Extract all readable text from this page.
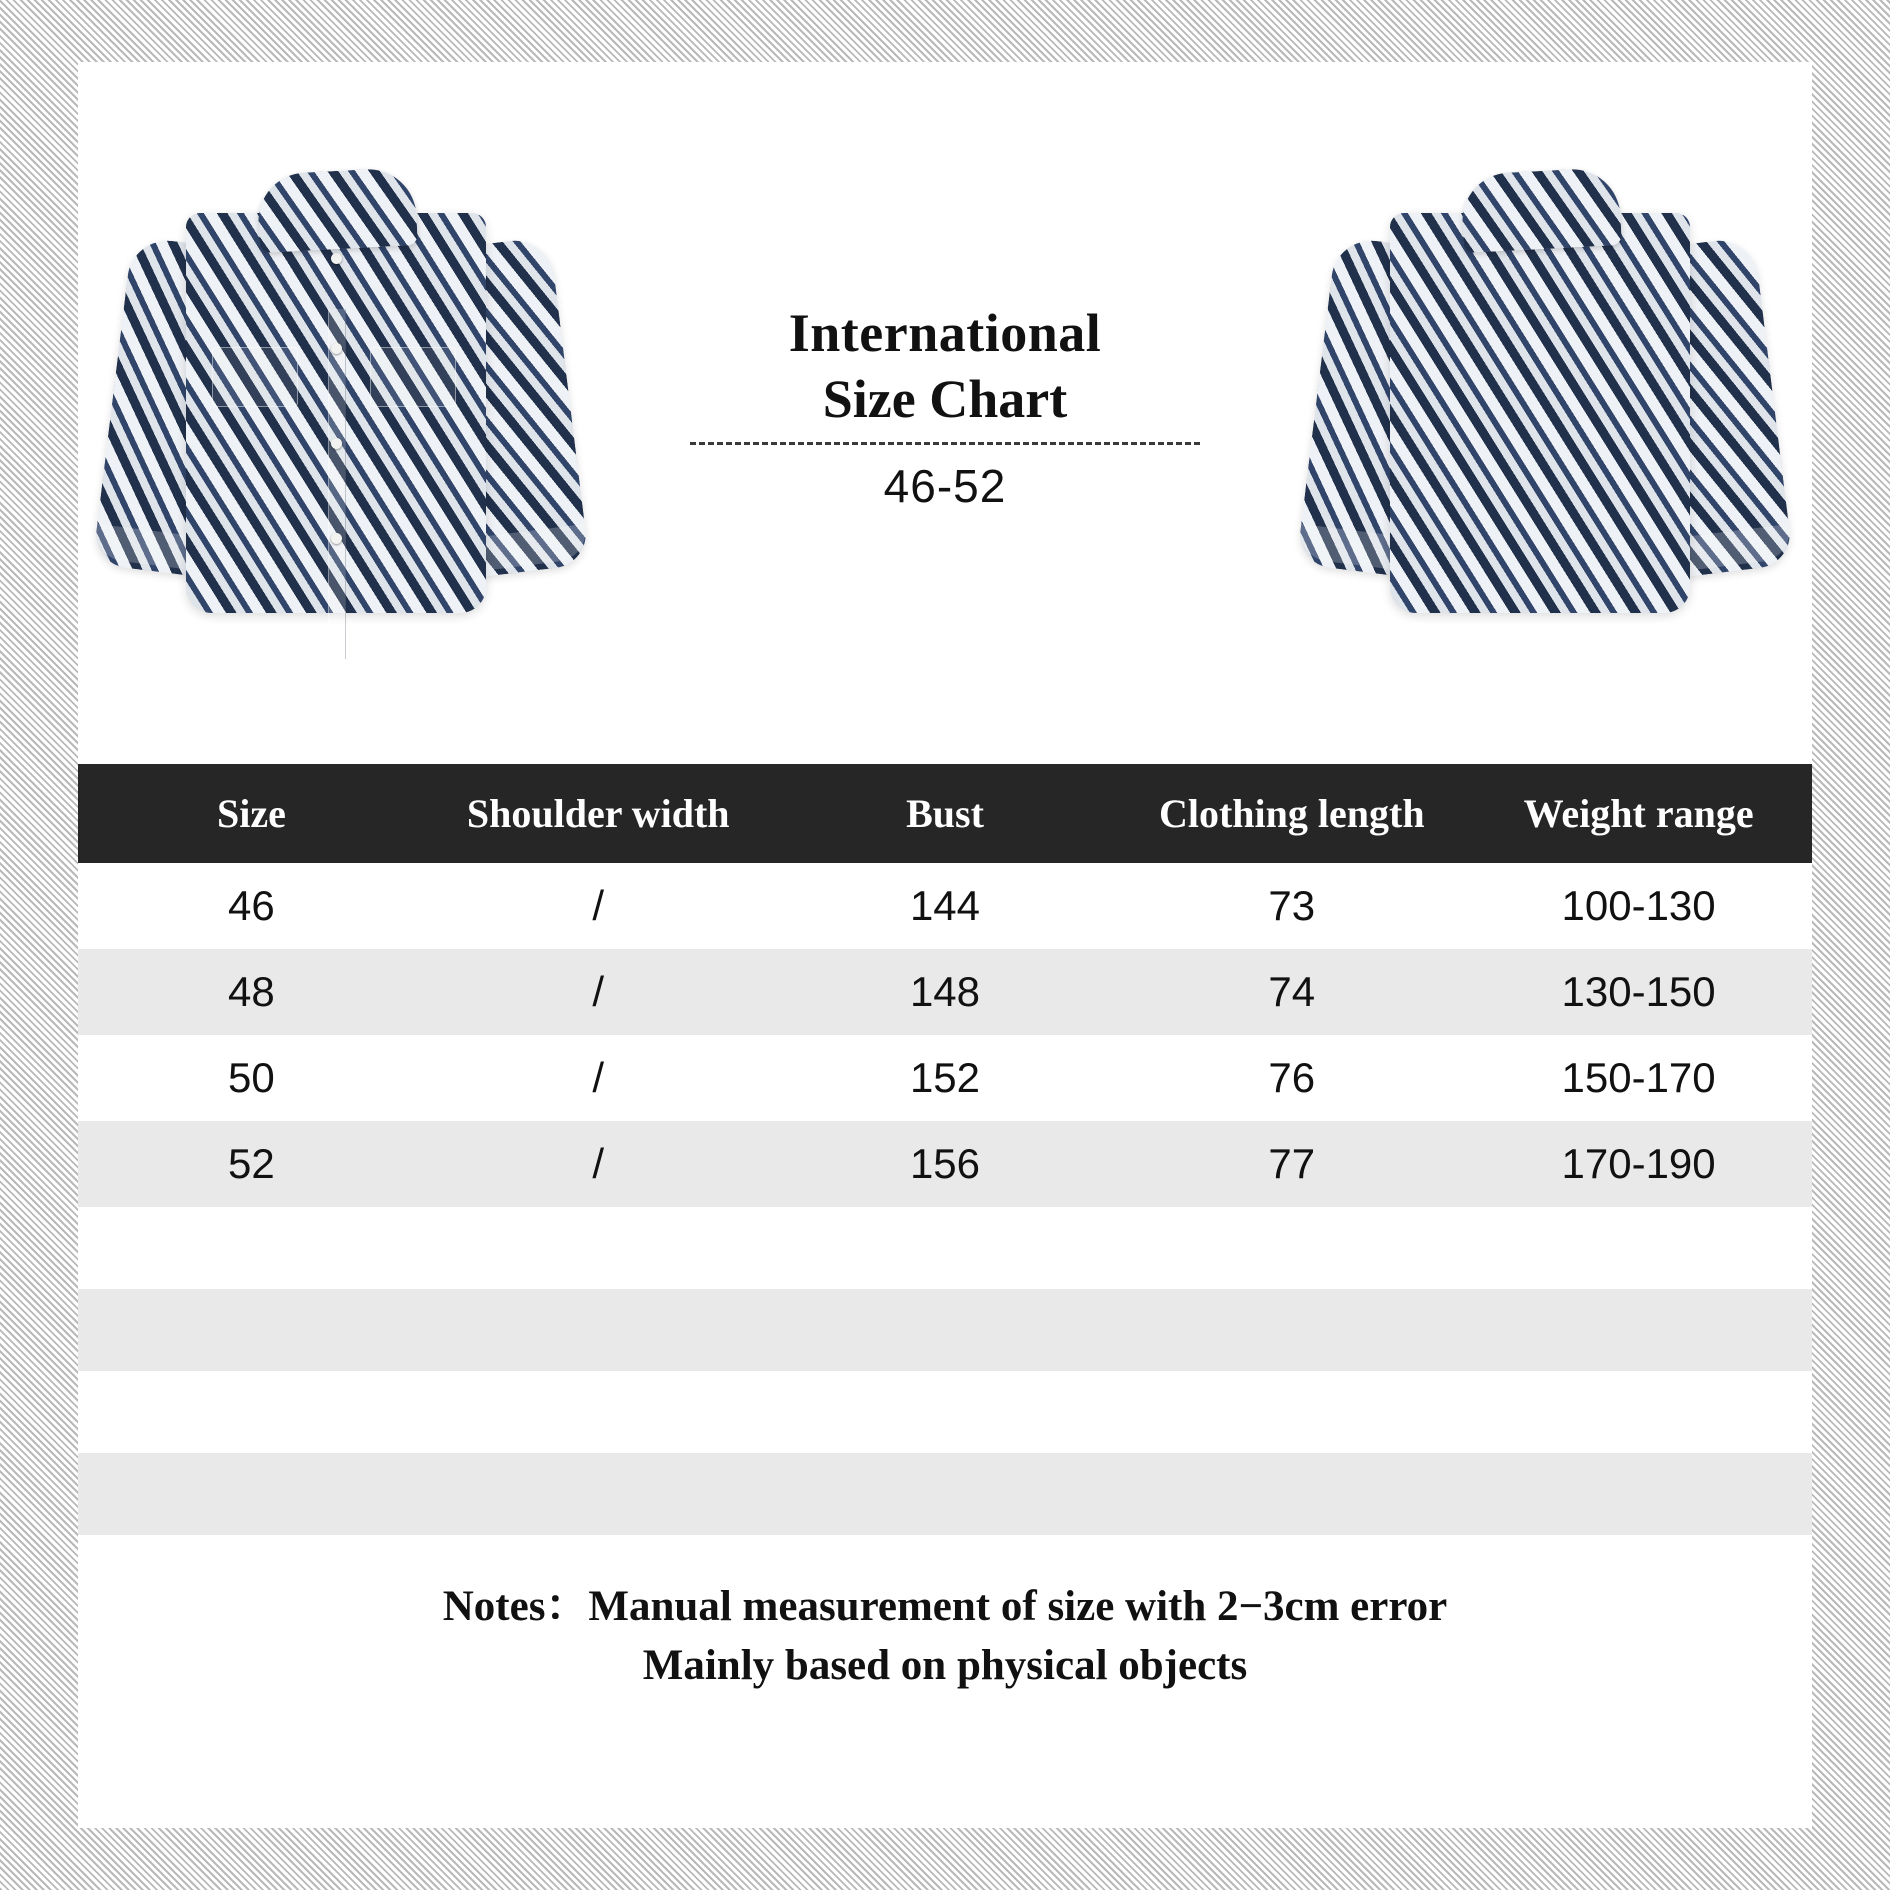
International
Size Chart
46-52
Size	Shoulder width	Bust	Clothing length	Weight range
46	/	144	73	100-130
48	/	148	74	130-150
50	/	152	76	150-170
52	/	156	77	170-190

Notes：Manual measurement of size with 2−3cm error
Mainly based on physical objects
